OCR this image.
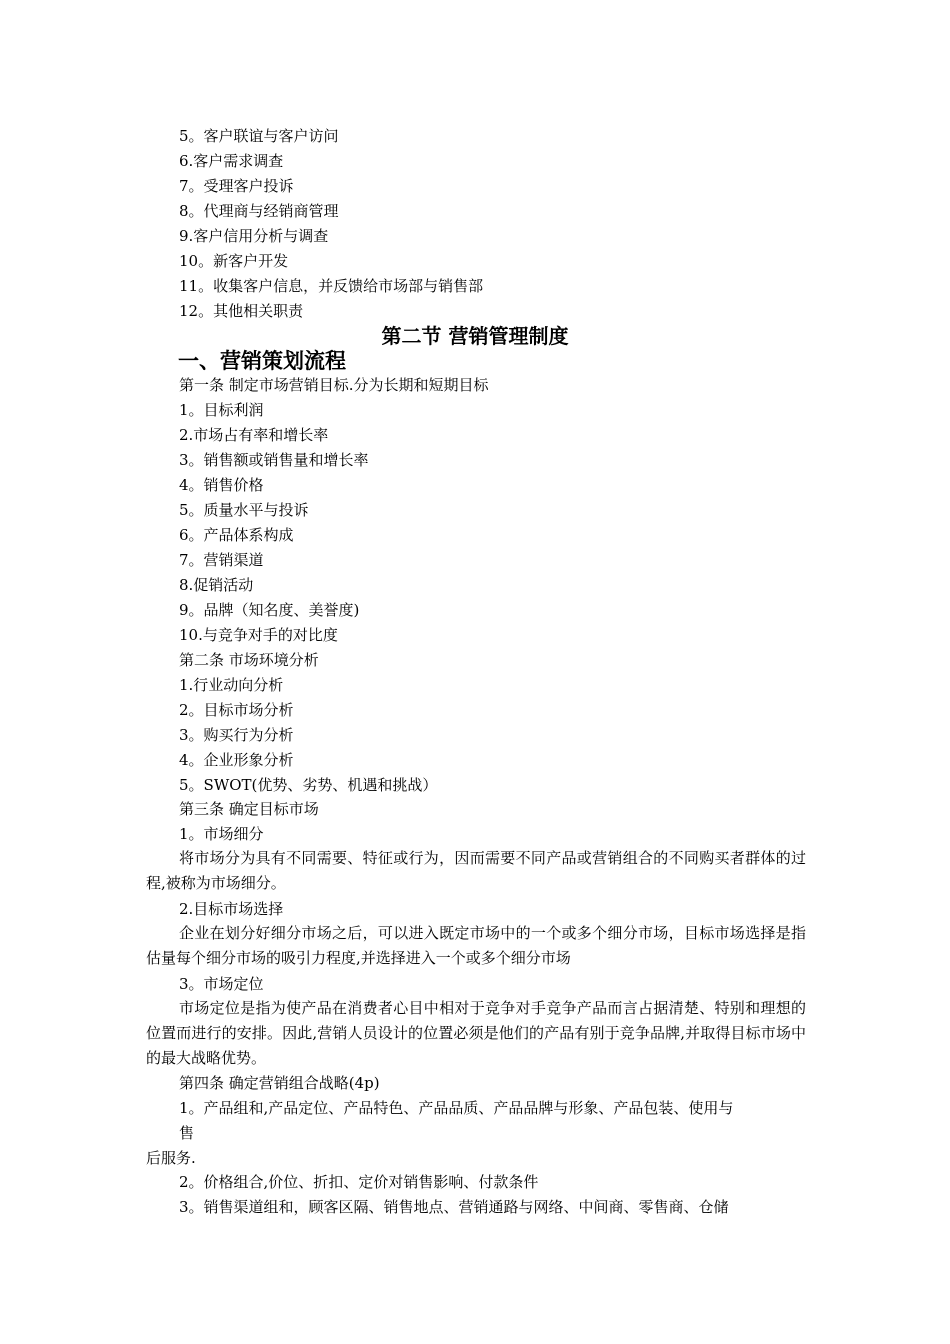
5。客户联谊与客户访问
6.客户需求调查
7。受理客户投诉
8。代理商与经销商管理
9.客户信用分析与调查
10。新客户开发
11。收集客户信息，并反馈给市场部与销售部
12。其他相关职责
第二节 营销管理制度
一、营销策划流程
第一条 制定市场营销目标.分为长期和短期目标
1。目标利润
2.市场占有率和增长率
3。销售额或销售量和增长率
4。销售价格
5。质量水平与投诉
6。产品体系构成
7。营销渠道
8.促销活动
9。品牌（知名度、美誉度)
10.与竞争对手的对比度
第二条 市场环境分析
1.行业动向分析
2。目标市场分析
3。购买行为分析
4。企业形象分析
5。SWOT(优势、劣势、机遇和挑战）
第三条 确定目标市场
1。市场细分
将市场分为具有不同需要、特征或行为，因而需要不同产品或营销组合的不同购买者群体的过程,被称为市场细分。
2.目标市场选择
企业在划分好细分市场之后，可以进入既定市场中的一个或多个细分市场，目标市场选择是指估量每个细分市场的吸引力程度,并选择进入一个或多个细分市场
3。市场定位
市场定位是指为使产品在消费者心目中相对于竞争对手竞争产品而言占据清楚、特别和理想的位置而进行的安排。因此,营销人员设计的位置必须是他们的产品有别于竞争品牌,并取得目标市场中的最大战略优势。
第四条 确定营销组合战略(4p)
1。产品组和,产品定位、产品特色、产品品质、产品品牌与形象、产品包装、使用与
售
后服务.
2。价格组合,价位、折扣、定价对销售影响、付款条件
3。销售渠道组和，顾客区隔、销售地点、营销通路与网络、中间商、零售商、仓储
